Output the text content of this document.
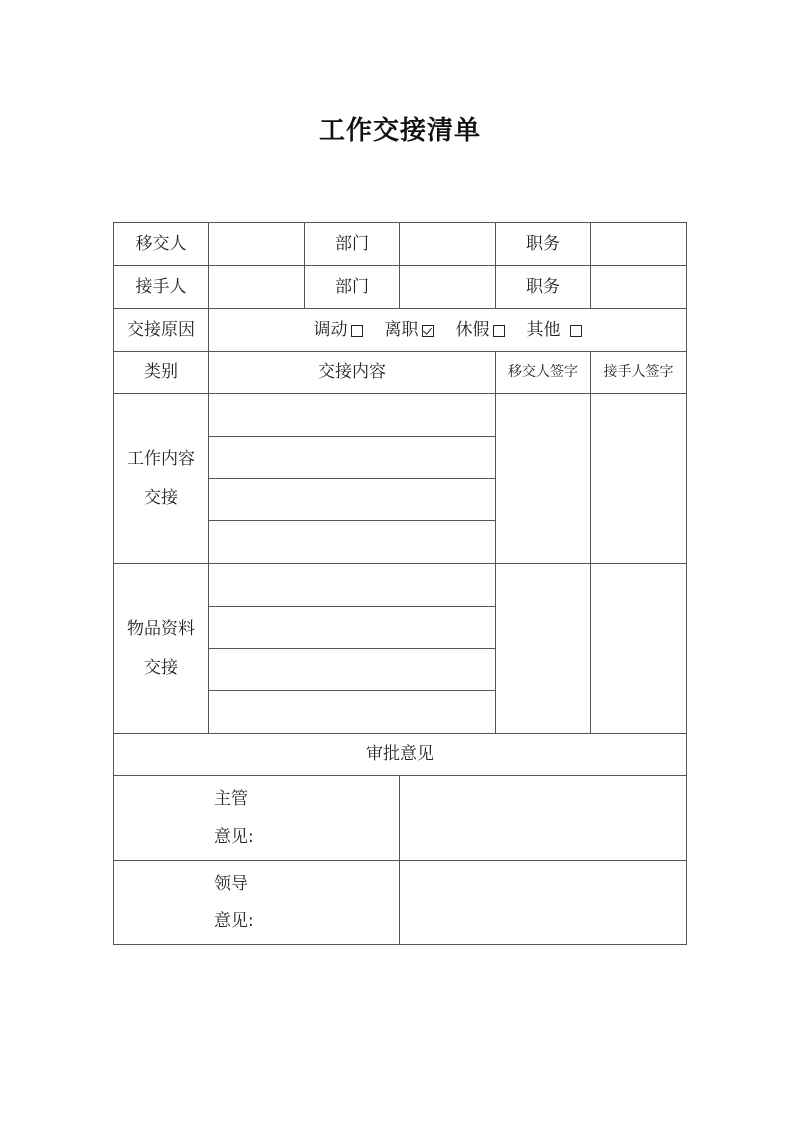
工作交接清单
移交人		部门		职务	
接手人		部门		职务	
交接原因	调动 离职 休假 其他				

类别	交接内容			移交人签字	接手人签字

工作内容
交接					

物品资料
交接					

审批意见					

主管
意见:					

领导
意见:					
